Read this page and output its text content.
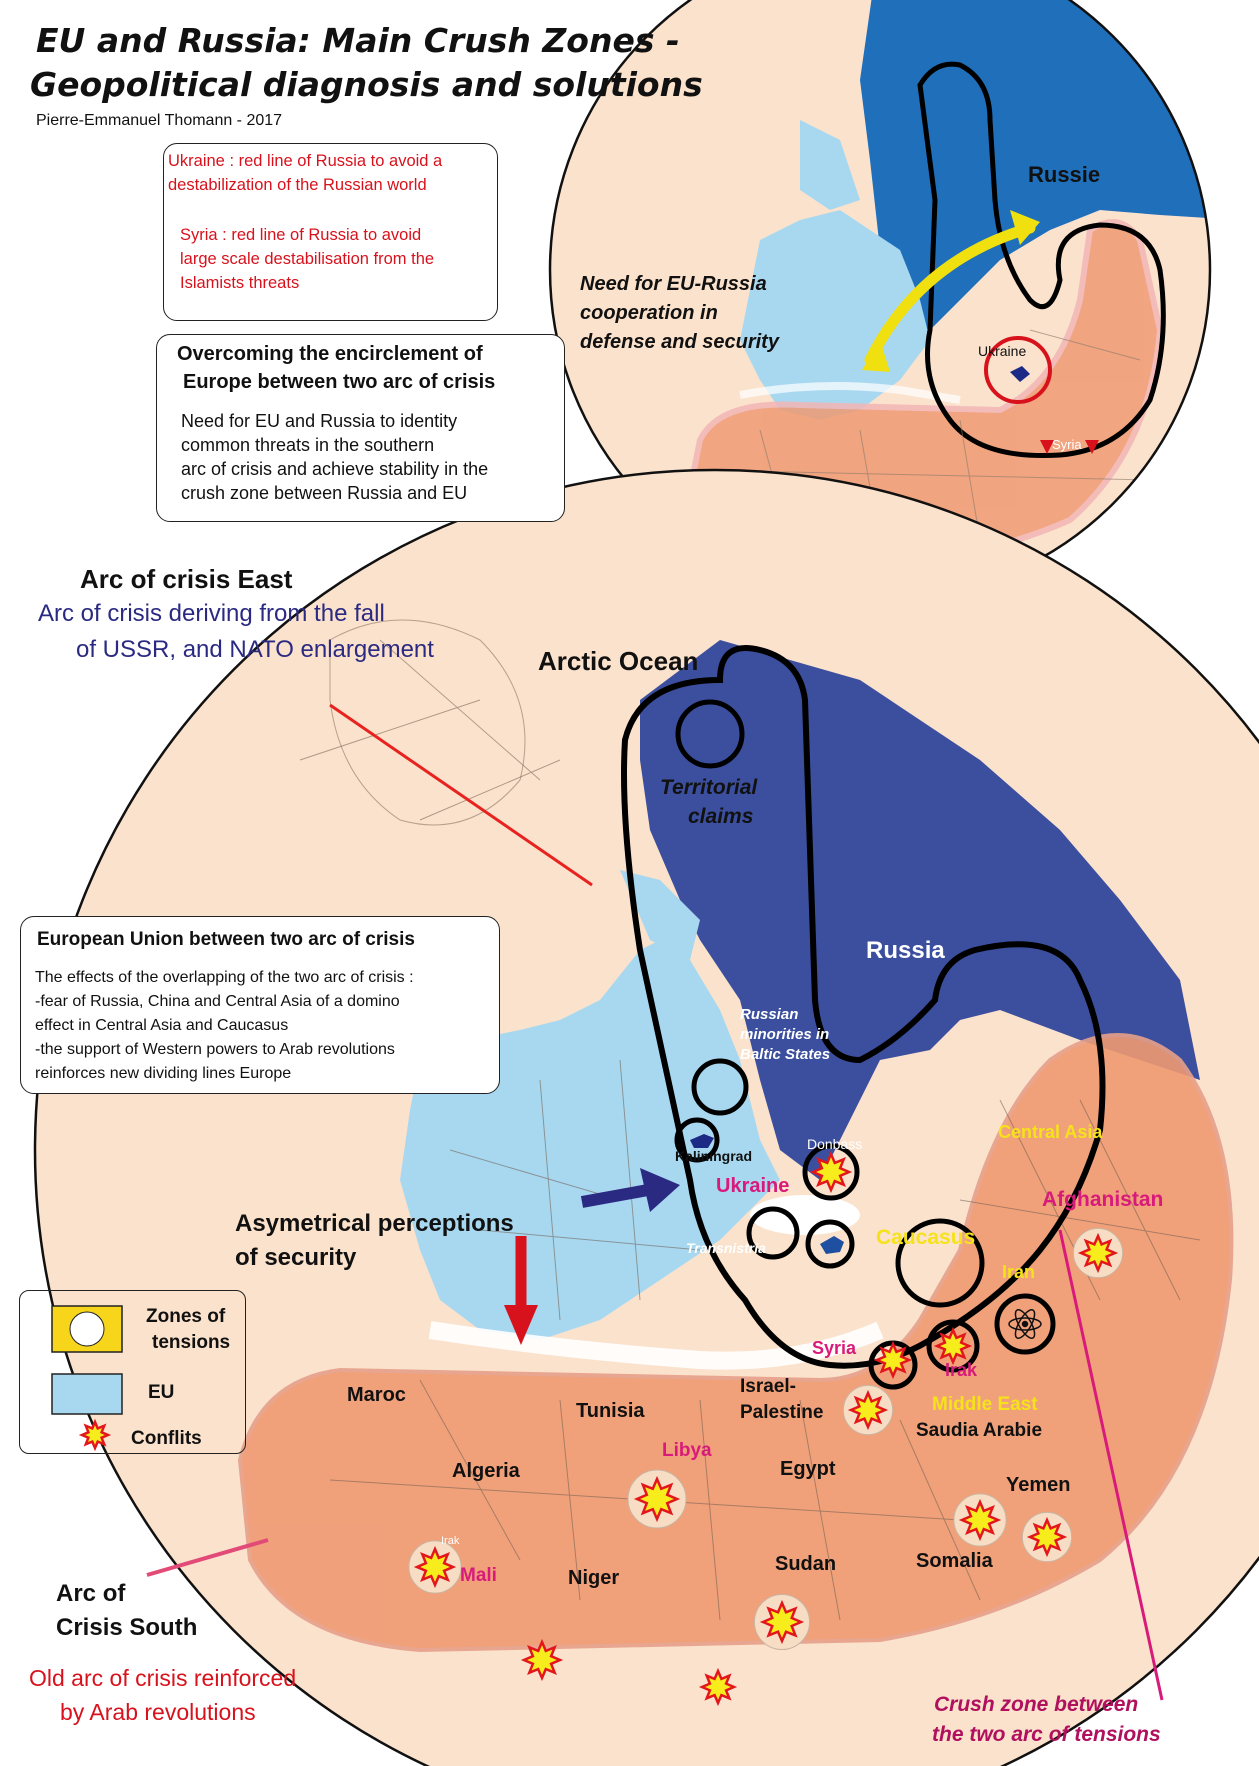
EU and Russia: Main Crush Zones -
Geopolitical diagnosis and solutions
Pierre-Emmanuel Thomann - 2017
Ukraine : red line of Russia to avoid a
destabilization of the Russian world
Syria : red line of Russia to avoid
large scale destabilisation from the
Islamists threats
Overcoming the encirclement of
Europe between two arc of crisis
Need for EU and Russia to identity
common threats in the southern
arc of crisis and achieve stability in the
crush zone between Russia and EU
Need for EU-Russia
cooperation in
defense and security
Russie
Ukraine
Syria
Arc of crisis East
Arc of crisis deriving from the fall
of USSR, and NATO enlargement
European Union between two arc of crisis
The effects of the overlapping of the two arc of crisis :
-fear of Russia, China and Central Asia of a domino
effect in Central Asia and Caucasus
-the support of Western powers to Arab revolutions
reinforces new dividing lines Europe
Arctic Ocean
Territorial
claims
Russia
Russian
minorities in
Baltic States
Kaliningrad
Donbass
Ukraine
Transnistria	Caucasus
Central Asia
Afghanistan
Iran
Syria
Irak
Middle East
Israel-
Palestine
Saudia Arabie
Maroc
Tunisia
Libya
Algeria	Egypt
Yemen
Sudan	Somalia
Mali	Niger
Irak
Asymetrical perceptions
of security
Zones of
tensions
EU
Conflits
Arc of
Crisis South
Old arc of crisis reinforced
by Arab revolutions	Crush zone between
the two arc of tensions
